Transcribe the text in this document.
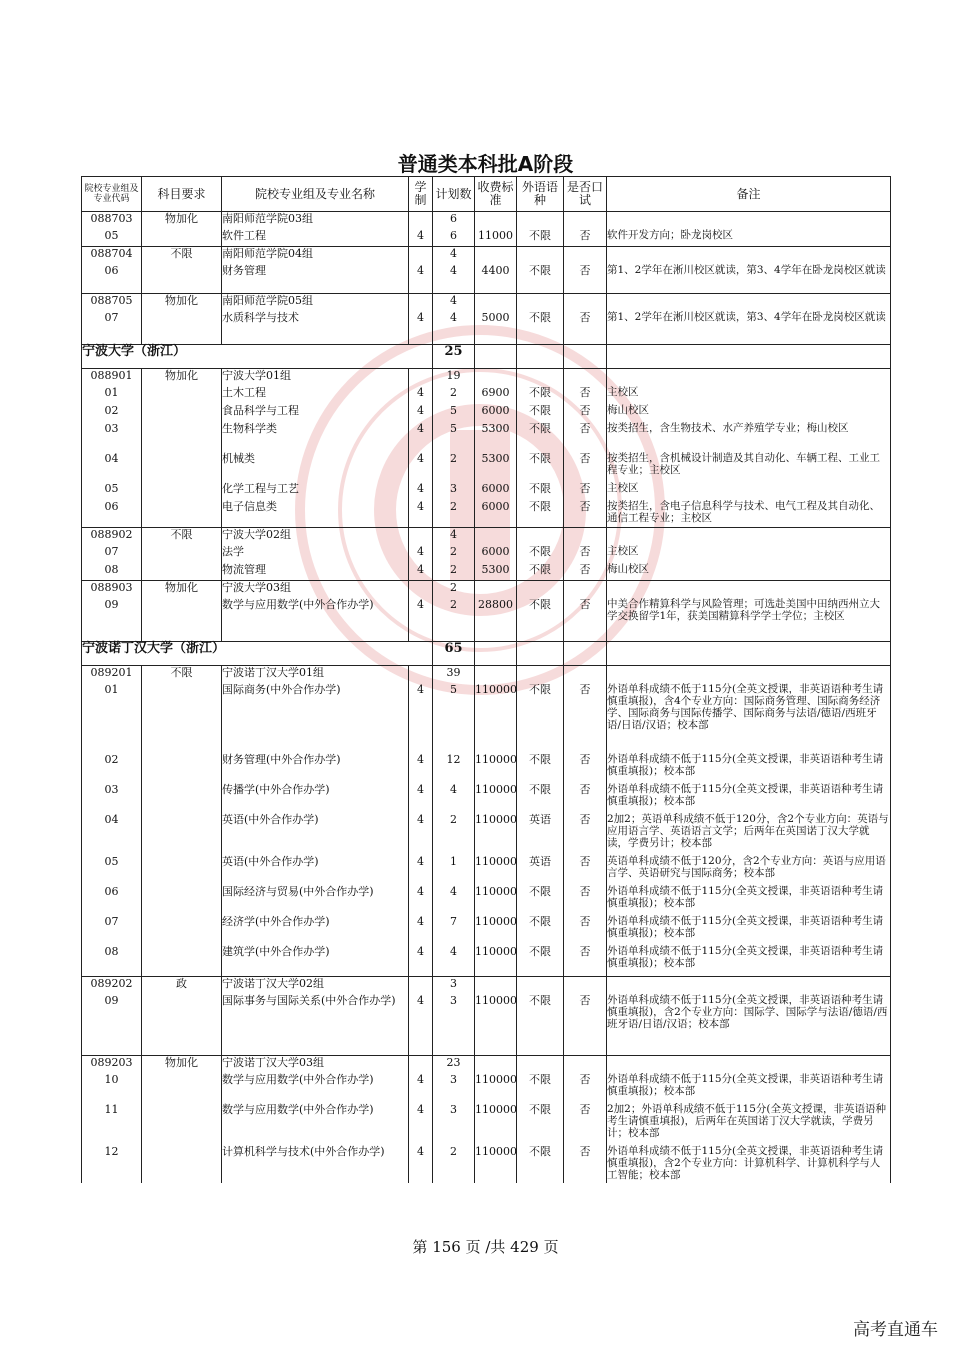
普通类本科批A阶段
院校专业组及专业代码	科目要求	院校专业组及专业名称	学制	计划数	收费标准	外语语种	是否口试	备注
088703	物加化	南阳师范学院03组		6				
05		软件工程	4	6	11000	不限	否	软件开发方向；卧龙岗校区
088704	不限	南阳师范学院04组		4				
06		财务管理	4	4	4400	不限	否	第1、2学年在淅川校区就读，第3、4学年在卧龙岗校区就读
088705	物加化	南阳师范学院05组		4				
07		水质科学与技术	4	4	5000	不限	否	第1、2学年在淅川校区就读，第3、4学年在卧龙岗校区就读
宁波大学（浙江）				25				
088901	物加化	宁波大学01组		19				
01		土木工程	4	2	6900	不限	否	主校区
02		食品科学与工程	4	5	6000	不限	否	梅山校区
03		生物科学类	4	5	5300	不限	否	按类招生，含生物技术、水产养殖学专业；梅山校区
04		机械类	4	2	5300	不限	否	按类招生，含机械设计制造及其自动化、车辆工程、工业工程专业；主校区
05		化学工程与工艺	4	3	6000	不限	否	主校区
06		电子信息类	4	2	6000	不限	否	按类招生，含电子信息科学与技术、电气工程及其自动化、通信工程专业；主校区
088902	不限	宁波大学02组		4				
07		法学	4	2	6000	不限	否	主校区
08		物流管理	4	2	5300	不限	否	梅山校区
088903	物加化	宁波大学03组		2				
09		数学与应用数学(中外合作办学)	4	2	28800	不限	否	中美合作精算科学与风险管理；可选赴美国中田纳西州立大学交换留学1年，获美国精算科学学士学位；主校区
宁波诺丁汉大学（浙江）				65				
089201	不限	宁波诺丁汉大学01组		39				
01		国际商务(中外合作办学)	4	5	110000	不限	否	外语单科成绩不低于115分(全英文授课，非英语语种考生请慎重填报)，含4个专业方向：国际商务管理、国际商务经济学、国际商务与国际传播学、国际商务与法语/德语/西班牙语/日语/汉语；校本部
02		财务管理(中外合作办学)	4	12	110000	不限	否	外语单科成绩不低于115分(全英文授课，非英语语种考生请慎重填报)；校本部
03		传播学(中外合作办学)	4	4	110000	不限	否	外语单科成绩不低于115分(全英文授课，非英语语种考生请慎重填报)；校本部
04		英语(中外合作办学)	4	2	110000	英语	否	2加2；英语单科成绩不低于120分，含2个专业方向：英语与应用语言学、英语语言文学；后两年在英国诺丁汉大学就读，学费另计；校本部
05		英语(中外合作办学)	4	1	110000	英语	否	英语单科成绩不低于120分，含2个专业方向：英语与应用语言学、英语研究与国际商务；校本部
06		国际经济与贸易(中外合作办学)	4	4	110000	不限	否	外语单科成绩不低于115分(全英文授课，非英语语种考生请慎重填报)；校本部
07		经济学(中外合作办学)	4	7	110000	不限	否	外语单科成绩不低于115分(全英文授课，非英语语种考生请慎重填报)；校本部
08		建筑学(中外合作办学)	4	4	110000	不限	否	外语单科成绩不低于115分(全英文授课，非英语语种考生请慎重填报)；校本部
089202	政	宁波诺丁汉大学02组		3				
09		国际事务与国际关系(中外合作办学)	4	3	110000	不限	否	外语单科成绩不低于115分(全英文授课，非英语语种考生请慎重填报)，含2个专业方向：国际学、国际学与法语/德语/西班牙语/日语/汉语；校本部
089203	物加化	宁波诺丁汉大学03组		23				
10		数学与应用数学(中外合作办学)	4	3	110000	不限	否	外语单科成绩不低于115分(全英文授课，非英语语种考生请慎重填报)；校本部
11		数学与应用数学(中外合作办学)	4	3	110000	不限	否	2加2；外语单科成绩不低于115分(全英文授课，非英语语种考生请慎重填报)，后两年在英国诺丁汉大学就读，学费另计；校本部
12		计算机科学与技术(中外合作办学)	4	2	110000	不限	否	外语单科成绩不低于115分(全英文授课，非英语语种考生请慎重填报)，含2个专业方向：计算机科学、计算机科学与人工智能；校本部
第 156 页 /共 429 页
高考直通车
